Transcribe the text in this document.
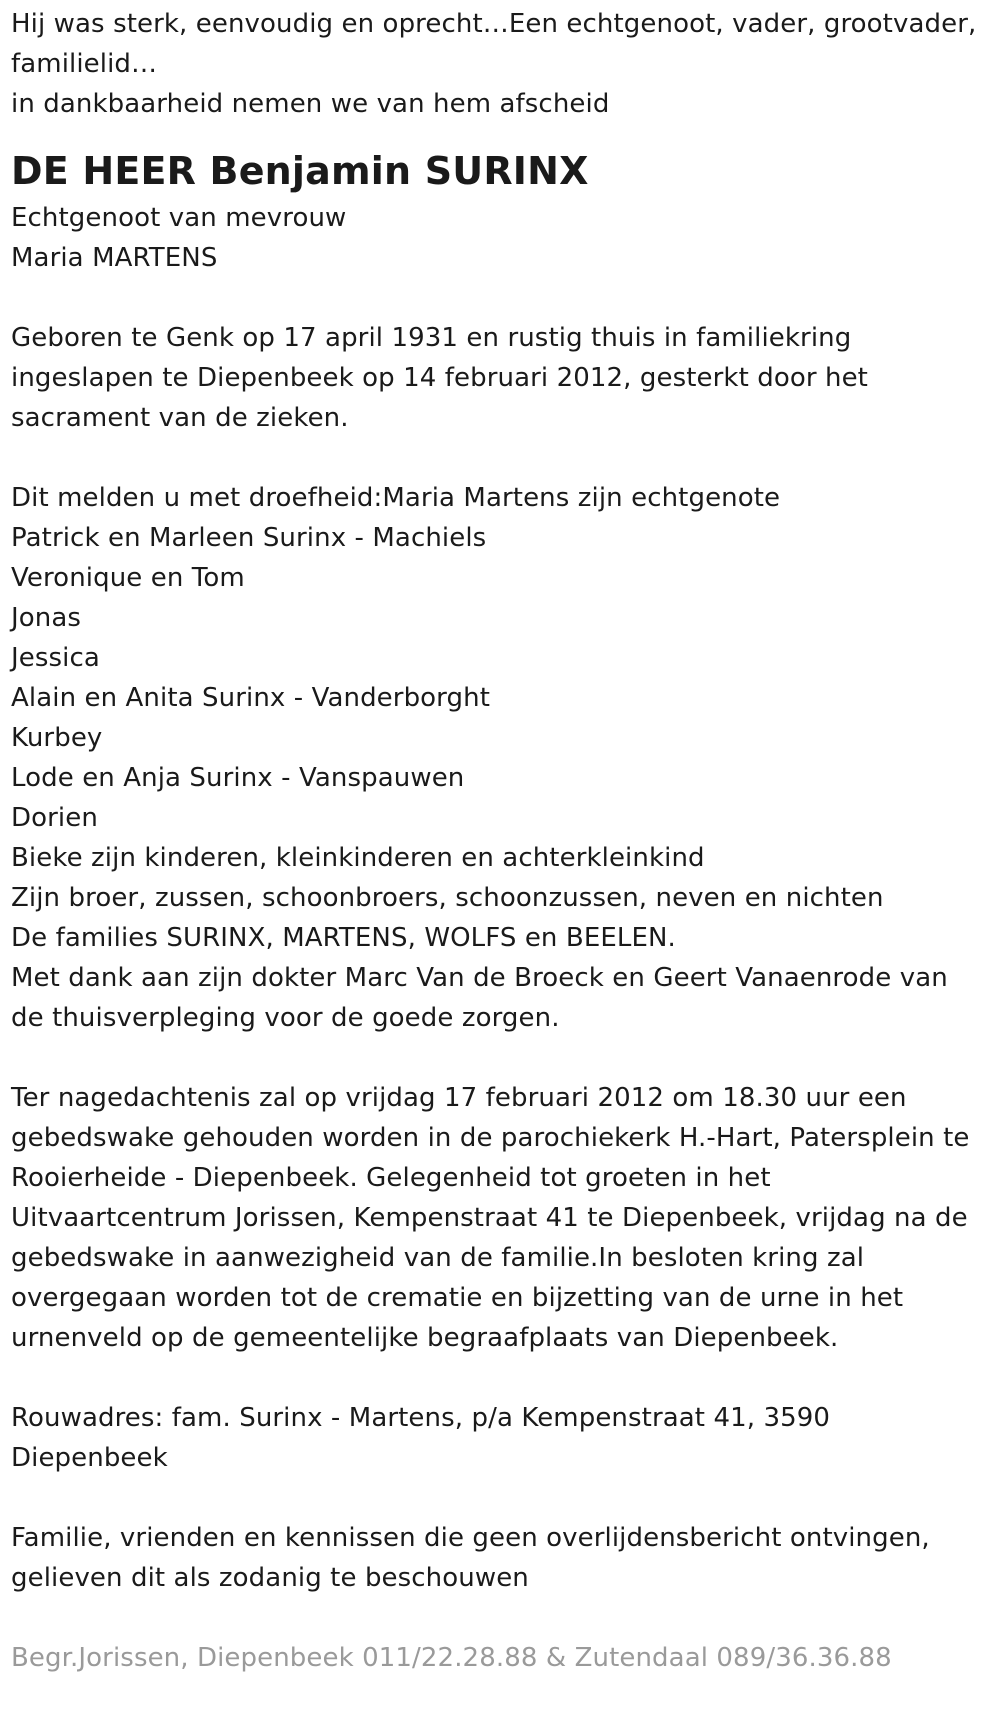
Hij was sterk, eenvoudig en oprecht…Een echtgenoot, vader, grootvader,
familielid…
in dankbaarheid nemen we van hem afscheid
DE HEER Benjamin SURINX
Echtgenoot van mevrouw
Maria MARTENS
Geboren te Genk op 17 april 1931 en rustig thuis in familiekring
ingeslapen te Diepenbeek op 14 februari 2012, gesterkt door het
sacrament van de zieken.
Dit melden u met droefheid:Maria Martens zijn echtgenote
Patrick en Marleen Surinx - Machiels
Veronique en Tom
Jonas
Jessica
Alain en Anita Surinx - Vanderborght
Kurbey
Lode en Anja Surinx - Vanspauwen
Dorien
Bieke zijn kinderen, kleinkinderen en achterkleinkind
Zijn broer, zussen, schoonbroers, schoonzussen, neven en nichten
De families SURINX, MARTENS, WOLFS en BEELEN.
Met dank aan zijn dokter Marc Van de Broeck en Geert Vanaenrode van
de thuisverpleging voor de goede zorgen.
Ter nagedachtenis zal op vrijdag 17 februari 2012 om 18.30 uur een
gebedswake gehouden worden in de parochiekerk H.-Hart, Patersplein te
Rooierheide - Diepenbeek. Gelegenheid tot groeten in het
Uitvaartcentrum Jorissen, Kempenstraat 41 te Diepenbeek, vrijdag na de
gebedswake in aanwezigheid van de familie.In besloten kring zal
overgegaan worden tot de crematie en bijzetting van de urne in het
urnenveld op de gemeentelijke begraafplaats van Diepenbeek.
Rouwadres: fam. Surinx - Martens, p/a Kempenstraat 41, 3590
Diepenbeek
Familie, vrienden en kennissen die geen overlijdensbericht ontvingen,
gelieven dit als zodanig te beschouwen
Begr.Jorissen, Diepenbeek 011/22.28.88 & Zutendaal 089/36.36.88
